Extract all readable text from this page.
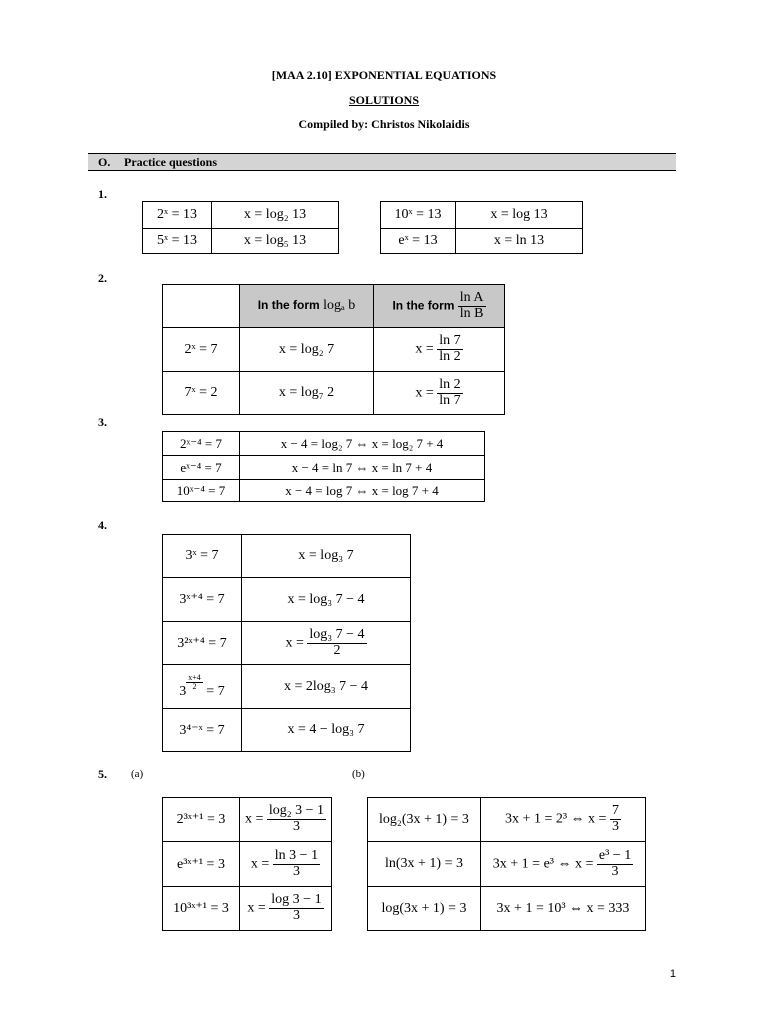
[MAA 2.10] EXPONENTIAL EQUATIONS
SOLUTIONS
Compiled by: Christos Nikolaidis
O. Practice questions
1.
2ˣ = 13	x = log₂ 13
5ˣ = 13	x = log₅ 13
10ˣ = 13	x = log 13
eˣ = 13	x = ln 13
2.
	In the form logₐ b	In the form $\frac{\text{ln A}}{\text{ln B}}$

2ˣ = 7	x = log₂ 7	$x = \frac{\ln 7}{\ln 2}$

7ˣ = 2	x = log₇ 2	$x = \frac{\ln 2}{\ln 7}$
3.
2ˣ⁻⁴ = 7	x − 4 = log₂ 7 ⇔ x = log₂ 7 + 4
eˣ⁻⁴ = 7	x − 4 = ln 7 ⇔ x = ln 7 + 4
10ˣ⁻⁴ = 7	x − 4 = log 7 ⇔ x = log 7 + 4
4.
3ˣ = 7	x = log₃ 7
3ˣ⁺⁴ = 7	x = log₃ 7 − 4
3²ˣ⁺⁴ = 7	$x = \frac{\text{log₃ 7 − 4}}{2}$

$3 \frac{x+4}{2} = 7$	x = 2log₃ 7 − 4
3⁴⁻ˣ = 7	x = 4 − log₃ 7
5. (a)	(b)
2³ˣ⁺¹ = 3	$x = \frac{\text{log₂ 3 − 1}}{3}$

e³ˣ⁺¹ = 3	$x = \frac{\ln 3 - 1}{3}$

10³ˣ⁺¹ = 3	$x = \frac{\log 3 - 1}{3}$
log₂(3x + 1) = 3	3x + 1 = 2³ ⇔ $x = \frac{7}{3}$

ln(3x + 1) = 3	3x + 1 = e³ ⇔ $x = \frac{\text{e³ − 1}}{3}$

log(3x + 1) = 3	3x + 1 = 10³ ⇔ x = 333
1
